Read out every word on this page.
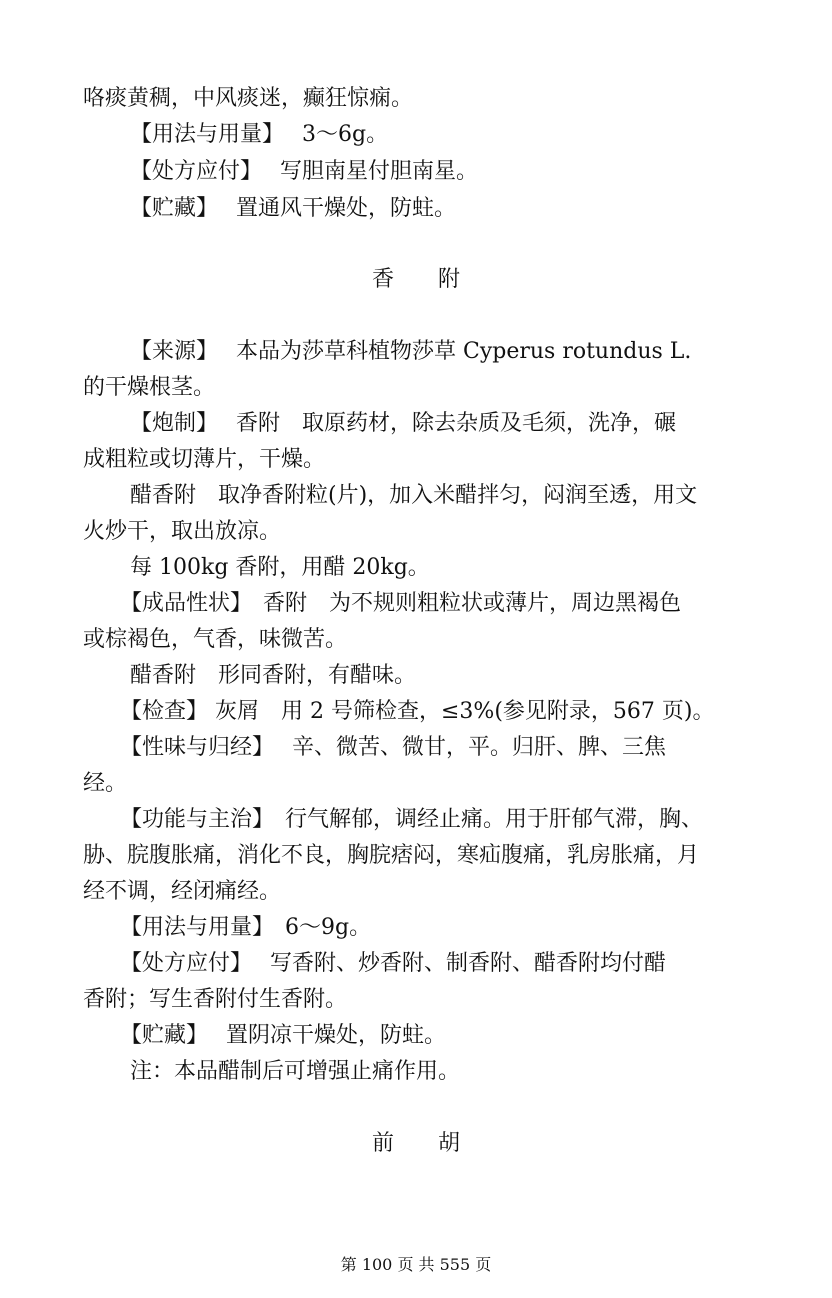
咯痰黄稠，中风痰迷，癫狂惊痫。
【用法与用量】　 3～6g。
【处方应付】　 写胆南星付胆南星。
【贮藏】　 置通风干燥处，防蛀。
香　　附
【来源】　 本品为莎草科植物莎草 Cyperus rotundus L.
的干燥根茎。
【炮制】　 香附　取原药材，除去杂质及毛须，洗净，碾
成粗粒或切薄片，干燥。
醋香附　取净香附粒(片)，加入米醋拌匀，闷润至透，用文
火炒干，取出放凉。
每 100kg 香附，用醋 20kg。
【成品性状】　香附　为不规则粗粒状或薄片，周边黑褐色
或棕褐色，气香，味微苦。
醋香附　形同香附，有醋味。
【检查】 灰屑　用 2 号筛检查，≤3%(参见附录，567 页)。
【性味与归经】　 辛、微苦、微甘，平。归肝、脾、三焦
经。
【功能与主治】　行气解郁，调经止痛。用于肝郁气滞，胸、
胁、脘腹胀痛，消化不良，胸脘痞闷，寒疝腹痛，乳房胀痛，月
经不调，经闭痛经。
【用法与用量】　6～9g。
【处方应付】　 写香附、炒香附、制香附、醋香附均付醋
香附；写生香附付生香附。
【贮藏】　 置阴凉干燥处，防蛀。
注：本品醋制后可增强止痛作用。
前　　胡
第 100 页 共 555 页
